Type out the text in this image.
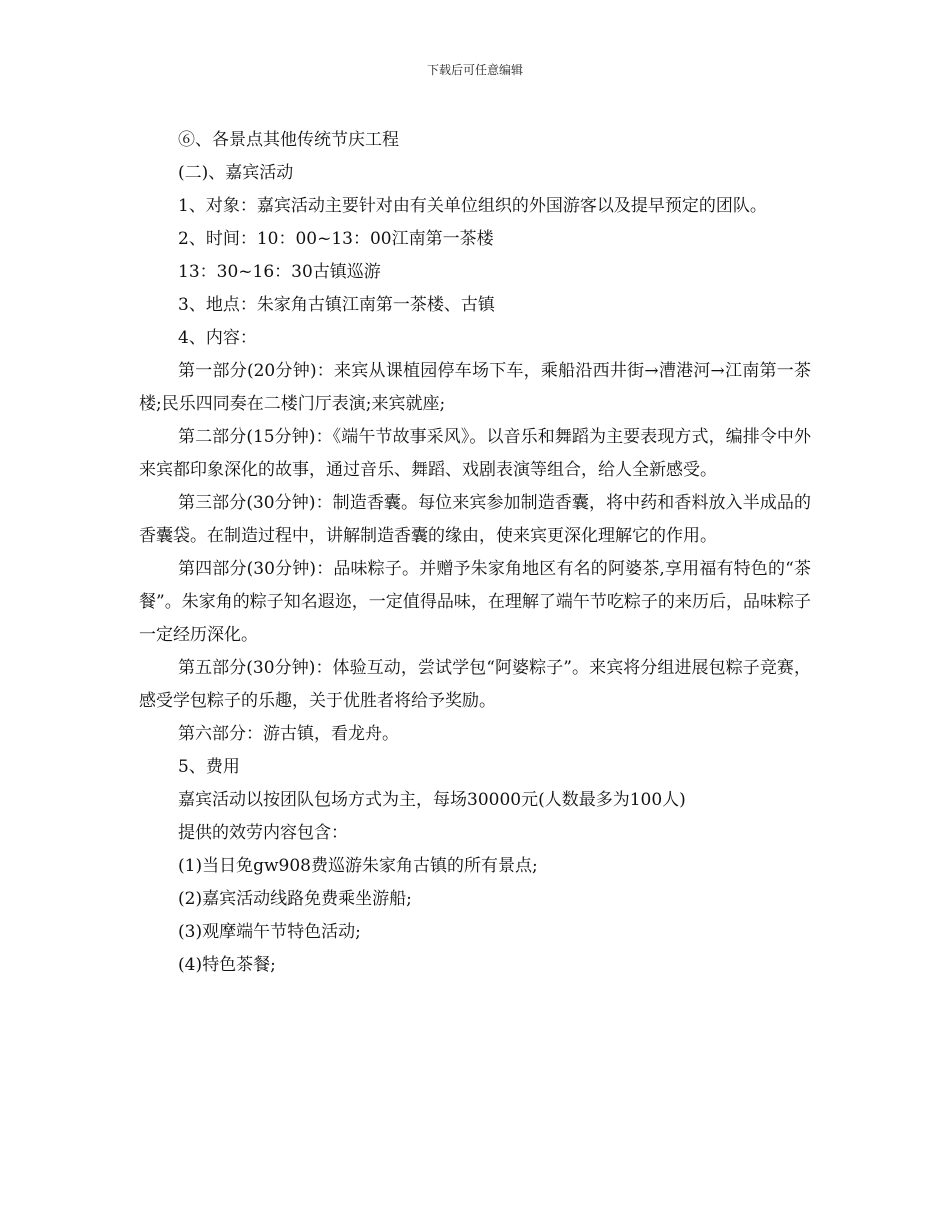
下载后可任意编辑

⑥、各景点其他传统节庆工程

(二)、嘉宾活动

1、对象：嘉宾活动主要针对由有关单位组织的外国游客以及提早预定的团队。

2、时间：10：00~13：00江南第一茶楼

13：30~16：30古镇巡游

3、地点：朱家角古镇江南第一茶楼、古镇

4、内容：

第一部分(20分钟)：来宾从课植园停车场下车，乘船沿西井街→漕港河→江南第一茶楼;民乐四同奏在二楼门厅表演;来宾就座;

第二部分(15分钟)：《端午节故事采风》。以音乐和舞蹈为主要表现方式，编排令中外来宾都印象深化的故事，通过音乐、舞蹈、戏剧表演等组合，给人全新感受。

第三部分(30分钟)：制造香囊。每位来宾参加制造香囊，将中药和香料放入半成品的香囊袋。在制造过程中，讲解制造香囊的缘由，使来宾更深化理解它的作用。

第四部分(30分钟)：品味粽子。并赠予朱家角地区有名的阿婆茶,享用福有特色的“茶餐”。朱家角的粽子知名遐迩，一定值得品味，在理解了端午节吃粽子的来历后，品味粽子一定经历深化。

第五部分(30分钟)：体验互动，尝试学包“阿婆粽子”。来宾将分组进展包粽子竞赛，感受学包粽子的乐趣，关于优胜者将给予奖励。

第六部分：游古镇，看龙舟。

5、费用

嘉宾活动以按团队包场方式为主，每场30000元(人数最多为100人)

提供的效劳内容包含：

(1)当日免gw908费巡游朱家角古镇的所有景点;

(2)嘉宾活动线路免费乘坐游船;

(3)观摩端午节特色活动;

(4)特色茶餐;
